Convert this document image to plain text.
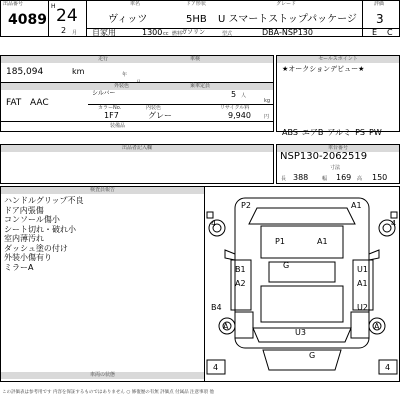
出品番号
4089
H 24
2 月
車名	ドア形状	グレード	評価
ヴィッツ	5HB U スマートストップパッケージ 3
自家用	1300 cc 燃料
ガソリン	型式	DBA-NSP130	E C
走行	車検
185,094	km	年
外装色	乗車定員
FAT AAC
シルバー	5 人
kg
カラーNo.	内装色	リサイクル料
1F7	グレー	9,940	円
装備品
セールスポイント
★オークションデビュー★
ABS エアB アルミ PS PW
出品者記入欄	車台番号
NSP130-2062519
寸法
長 388	幅 169 高 150
検査員報告
ハンドルグリップ不良
ドア内張傷
コンソール傷小
シート切れ・破れ小
室内薄汚れ
ダッシュ塗の付け
外装小傷有り
ミラーA
P2	A1
P1	A1
G
B1
A2
U1
A1
B4	U2
U3
A	A
G
4	4
4	4
車両の状態
この評価表は参考用です 内容を保証するものではありません ○ 修復歴の有無 評価点 付属品 注意事項 他
